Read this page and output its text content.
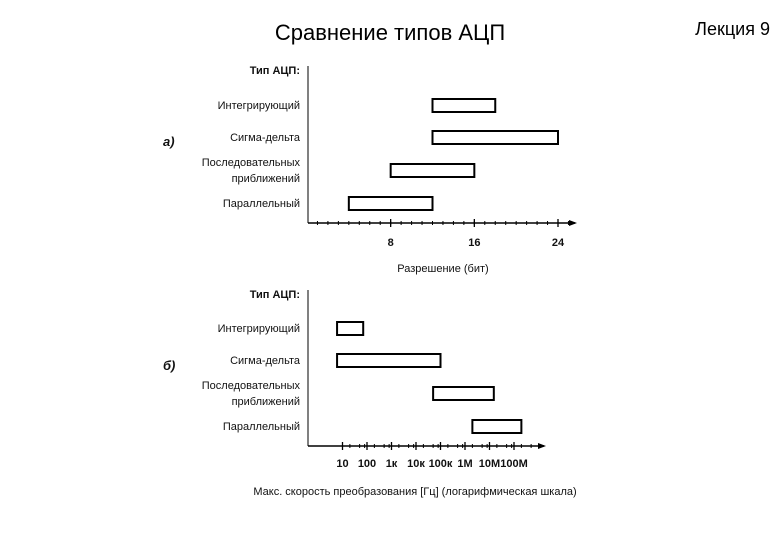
Сравнение типов АЦП	Лекция 9
Тип АЦП:
а)
Интегрирующий
Сигма-дельта
Последовательных
приближений
Параллельный
8	16	24
Разрешение (бит)
Тип АЦП:
б)
Интегрирующий
Сигма-дельта
Последовательных
приближений
Параллельный
10 100 1к 10к 100к 1М 10М 100М
Макс. скорость преобразования [Гц] (логарифмическая шкала)
